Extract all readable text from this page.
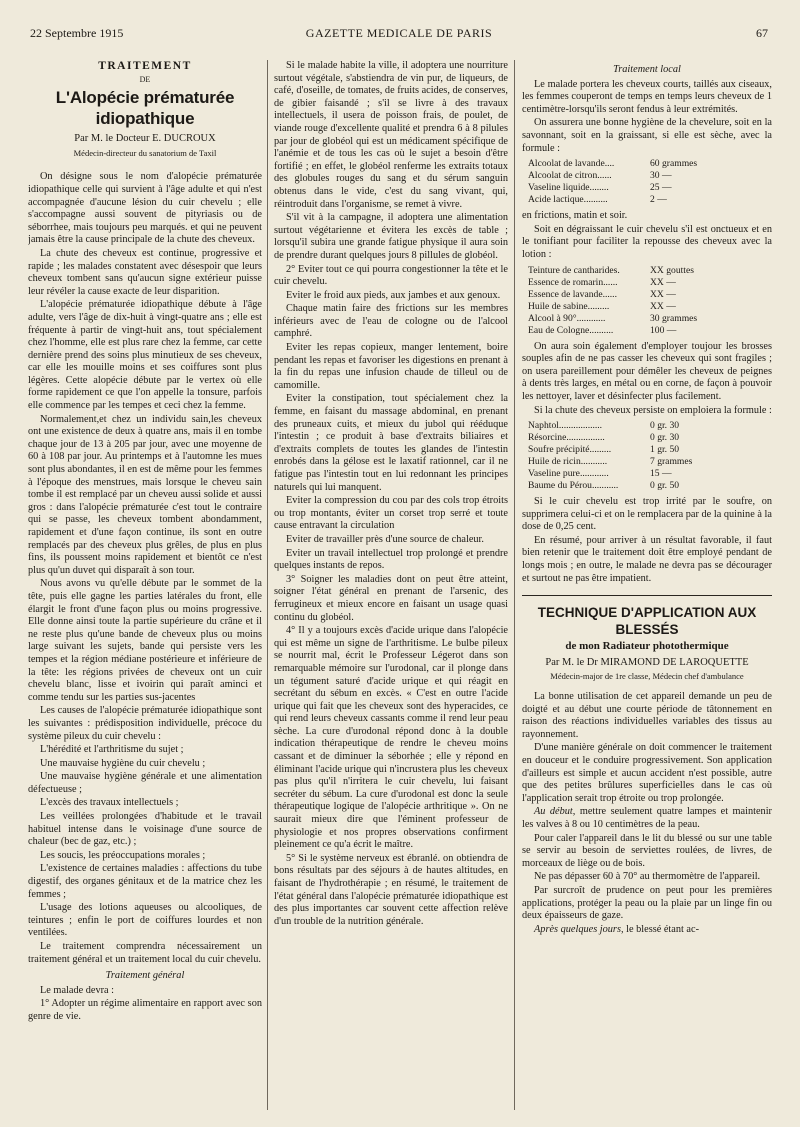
22 Septembre 1915	GAZETTE MEDICALE DE PARIS	67

TRAITEMENT

DE

L'Alopécie prématurée idiopathique

Par M. le Docteur E. DUCROUX

Médecin-directeur du sanatorium de Taxil

On désigne sous le nom d'alopécie prématurée idiopathique celle qui survient à l'âge adulte et qui n'est accompagnée d'aucune lésion du cuir chevelu ; elle s'accompagne aussi souvent de pityriasis ou de séborrhee, mais toujours peu marqués. et qui ne peuvent jamais être la cause principale de la chute des cheveux.

La chute des cheveux est continue, progressive et rapide ; les malades constatent avec désespoir que leurs cheveux tombent sans qu'aucun signe extérieur puisse leur révéler la cause exacte de leur disparition.

L'alopécie prématurée idiopathique débute à l'âge adulte, vers l'âge de dix-huit à vingt-quatre ans ; elle est fréquente à partir de vingt-huit ans, tout spécialement chez l'homme, elle est plus rare chez la femme, car cette dernière prend des soins plus minutieux de ses cheveux, car elle les mouille moins et ses coiffures sont plus légères. Cette alopécie débute par le vertex où elle forme rapidement ce que l'on appelle la tonsure, parfois elle commence par les tempes et ceci chez la femme.

Normalement,et chez un individu sain,les cheveux ont une existence de deux à quatre ans, mais il en tombe chaque jour de 13 à 205 par jour, avec une moyenne de 60 à 108 par jour. Au printemps et à l'automne les mues sont plus abondantes, il en est de même pour les femmes à l'époque des menstrues, mais lorsque le cheveu sain tombe il est remplacé par un cheveu aussi solide et aussi gros : dans l'alopécie prématurée c'est tout le contraire qui se passe, les cheveux tombent abondamment, rapidement et d'une façon continue, ils sont en outre remplacés par des cheveux plus grêles, de plus en plus fins, ils poussent moins rapidement et bientôt ce n'est plus qu'un duvet qui disparaît à son tour.

Nous avons vu qu'elle débute par le sommet de la tête, puis elle gagne les parties latérales du front, elle élargit le front d'une façon plus ou moins progressive. Elle donne ainsi toute la partie supérieure du crâne et il ne reste plus qu'une bande de cheveux plus ou moins large suivant les sujets, bande qui persiste vers les tempes et la région médiane postérieure et inférieure de la tête: les régions privées de cheveux ont un cuir chevelu blanc, lisse et ivoirin qui paraît aminci et comme tendu sur les parties sus-jacentes

Les causes de l'alopécie prématurée idiopathique sont les suivantes : prédisposition individuelle, précoce du système pileux du cuir chevelu :

L'hérédité et l'arthritisme du sujet ;

Une mauvaise hygiène du cuir chevelu ;

Une mauvaise hygiène générale et une alimentation défectueuse ;

L'excès des travaux intellectuels ;

Les veillées prolongées d'habitude et le travail habituel intense dans le voisinage d'une source de chaleur (bec de gaz, etc.) ;

Les soucis, les préoccupations morales ;

L'existence de certaines maladies : affections du tube digestif, des organes génitaux et de la matrice chez les femmes ;

L'usage des lotions aqueuses ou alcooliques, de teintures ; enfin le port de coiffures lourdes et non ventilées.

Le traitement comprendra nécessairement un traitement général et un traitement local du cuir chevelu.

Traitement général

Le malade devra :

1° Adopter un régime alimentaire en rapport avec son genre de vie.

Si le malade habite la ville, il adoptera une nourriture surtout végétale, s'abstiendra de vin pur, de liqueurs, de café, d'oseille, de tomates, de fruits acides, de conserves, de gibier faisandé ; s'il se livre à des travaux intellectuels, il usera de poisson frais, de poulet, de viande rouge d'excellente qualité et prendra 6 à 8 pilules par jour de globéol qui est un médicament spécifique de l'anémie et de tous les cas où le sujet a besoin d'être fortifié ; en effet, le globéol renferme les extraits totaux des globules rouges du sang et du sérum sanguin obtenus dans le vide, c'est du sang vivant, qui, réintroduit dans l'organisme, se remet à vivre.

S'il vit à la campagne, il adoptera une alimentation surtout végétarienne et évitera les excès de table ; lorsqu'il subira une grande fatigue physique il aura soin de prendre durant quelques jours 8 pillules de globéol.

2° Eviter tout ce qui pourra congestionner la tête et le cuir chevelu.

Eviter le froid aux pieds, aux jambes et aux genoux.

Chaque matin faire des frictions sur les membres inférieurs avec de l'eau de cologne ou de l'alcool camphré.

Eviter les repas copieux, manger lentement, boire pendant les repas et favoriser les digestions en prenant à la fin du repas une infusion chaude de tilleul ou de camomille.

Eviter la constipation, tout spécialement chez la femme, en faisant du massage abdominal, en prenant des pruneaux cuits, et mieux du jubol qui rééduque l'intestin ; ce produit à base d'extraits biliaires et d'extraits complets de toutes les glandes de l'intestin enrobés dans la gélose est le laxatif rationnel, car il ne fatigue pas l'intestin tout en lui redonnant les principes naturels qui lui manquent.

Eviter la compression du cou par des cols trop étroits ou trop montants, éviter un corset trop serré et toute cause entravant la circulation

Eviter de travailler près d'une source de chaleur.

Eviter un travail intellectuel trop prolongé et prendre quelques instants de repos.

3° Soigner les maladies dont on peut être atteint, soigner l'état général en prenant de l'arsenic, des ferrugineux et mieux encore en faisant un usage quasi continu du globéol.

4° Il y a toujours excès d'acide urique dans l'alopécie qui est même un signe de l'arthritisme. Le bulbe pileux se nourrit mal, écrit le Professeur Légerot dans son remarquable mémoire sur l'urodonal, car il plonge dans un tégument saturé d'acide urique et qui réagit en secrétant du sébum en excès. « C'est en outre l'acide urique qui fait que les cheveux sont des hyperacides, ce qui rend leurs cheveux cassants comme il rend leur peau sèche. La cure d'urodonal répond donc à la double indication thérapeutique de rendre le cheveu moins cassant et de diminuer la séborhée ; elle y répond en éliminant l'acide urique qui n'incrustera plus les cheveux pas plus qu'il n'irritera le cuir chevelu, lui faisant secréter du sébum. La cure d'urodonal est donc la seule thérapeutique logique de l'alopécie arthritique ». On ne saurait mieux dire que l'éminent professeur de physiologie et nos propres observations confirment pleinement ce qu'a écrit le maître.

5° Si le système nerveux est ébranlé. on obtiendra de bons résultats par des séjours à de hautes altitudes, en faisant de l'hydrothérapie ; en résumé, le traitement de l'état général dans l'alopécie prématurée idiopathique est des plus importantes car souvent cette affection relève d'un trouble de la nutrition générale.

Traitement local

Le malade portera les cheveux courts, taillés aux ciseaux, les femmes couperont de temps en temps leurs cheveux de 1 centimètre-lorsqu'ils seront fendus à leur extrémités.

On assurera une bonne hygiène de la chevelure, soit en la savonnant, soit en la graissant, si elle est sèche, avec la formule :

Alcoolat de lavande....	60 grammes
Alcoolat de citron......	30 —
Vaseline liquide........	25 —
Acide lactique..........	2 —

en frictions, matin et soir.

Soit en dégraissant le cuir chevelu s'il est onctueux et en le tonifiant pour faciliter la repousse des cheveux avec la lotion :

Teinture de cantharides.	XX gouttes
Essence de romarin......	XX —
Essence de lavande......	XX —
Huile de sabine.........	XX —
Alcool à 90°............	30 grammes
Eau de Cologne..........	100 —

On aura soin également d'employer toujour les brosses souples afin de ne pas casser les cheveux qui sont fragiles ; on usera pareillement pour démêler les cheveux de peignes à dents très larges, en métal ou en corne, de façon à pouvoir les nettoyer, laver et désinfecter plus facilement.

Si la chute des cheveux persiste on emploiera la formule :

Naphtol..................	0 gr. 30
Résorcine................	0 gr. 30
Soufre précipité.........	1 gr. 50
Huile de ricin...........	7 grammes
Vaseline pure............	15 —
Baume du Pérou...........	0 gr. 50

Si le cuir chevelu est trop irrité par le soufre, on supprimera celui-ci et on le remplacera par de la quinine à la dose de 0,25 cent.

En résumé, pour arriver à un résultat favorable, il faut bien retenir que le traitement doit être employé pendant de longs mois ; en outre, le malade ne devra pas se décourager et surtout ne pas être impatient.

TECHNIQUE D'APPLICATION AUX BLESSÉS

de mon Radiateur photothermique

Par M. le Dr MIRAMOND DE LAROQUETTE

Médecin-major de 1re classe, Médecin chef d'ambulance

La bonne utilisation de cet appareil demande un peu de doigté et au début une courte période de tâtonnement en raison des réactions individuelles variables des tissus au rayonnement.

D'une manière générale on doit commencer le traitement en douceur et le conduire progressivement. Son application d'ailleurs est simple et aucun accident n'est possible, autre que des petites brûlures superficielles dans le cas où l'application serait trop étroite ou trop prolongée.

Au début, mettre seulement quatre lampes et maintenir les valves à 8 ou 10 centimètres de la peau.

Pour caler l'appareil dans le lit du blessé ou sur une table se servir au besoin de serviettes roulées, de livres, de morceaux de liège ou de bois.

Ne pas dépasser 60 à 70° au thermomètre de l'appareil.

Par surcroît de prudence on peut pour les premières applications, protéger la peau ou la plaie par un linge fin ou deux épaisseurs de gaze.

Après quelques jours, le blessé étant ac-
